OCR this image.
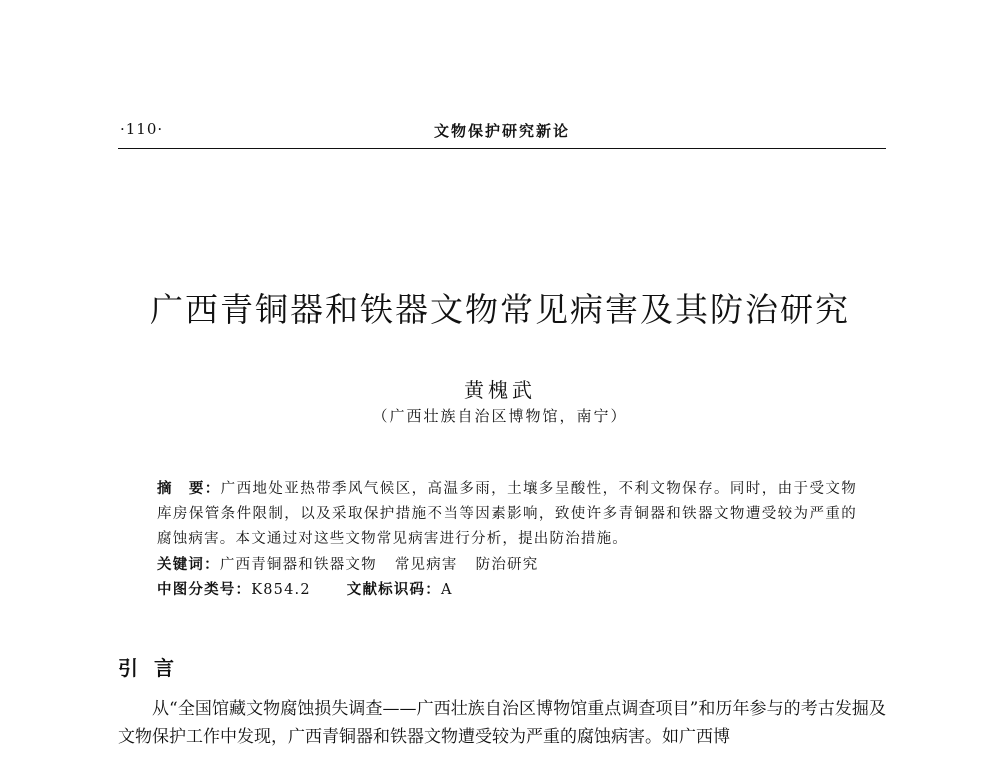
·110·	文物保护研究新论
广西青铜器和铁器文物常见病害及其防治研究
黄槐武
（广西壮族自治区博物馆，南宁）
摘　要：广西地处亚热带季风气候区，高温多雨，土壤多呈酸性，不利文物保存。同时，由于受文物库房保管条件限制，以及采取保护措施不当等因素影响，致使许多青铜器和铁器文物遭受较为严重的腐蚀病害。本文通过对这些文物常见病害进行分析，提出防治措施。
关键词：广西青铜器和铁器文物 常见病害 防治研究
中图分类号：K854.2 文献标识码：A
引言

从“全国馆藏文物腐蚀损失调查——广西壮族自治区博物馆重点调查项目”和历年参与的考古发掘及文物保护工作中发现，广西青铜器和铁器文物遭受较为严重的腐蚀病害。如广西博
